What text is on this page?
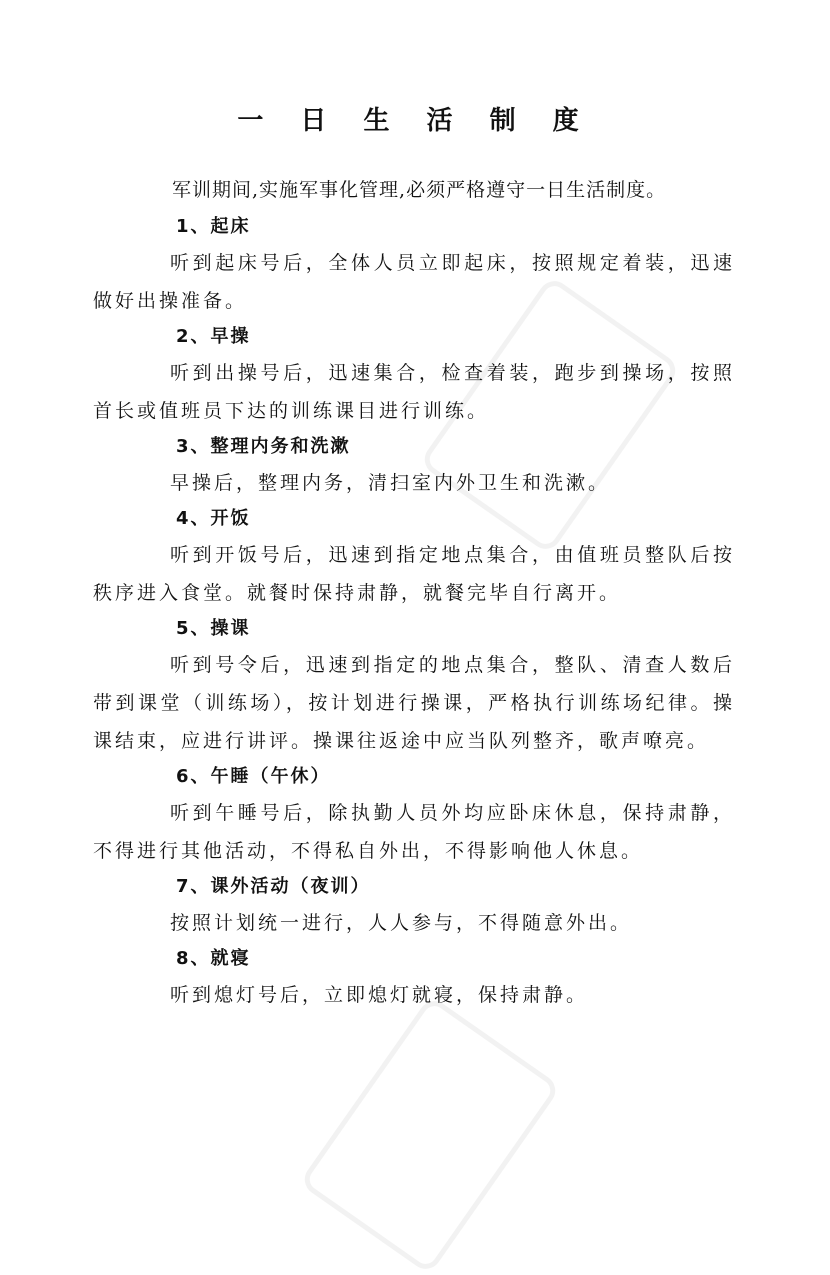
一 日 生 活 制 度

军训期间,实施军事化管理,必须严格遵守一日生活制度。

1、起床

听到起床号后，全体人员立即起床，按照规定着装，迅速做好出操准备。

2、早操

听到出操号后，迅速集合，检查着装，跑步到操场，按照首长或值班员下达的训练课目进行训练。

3、整理内务和洗漱

早操后，整理内务，清扫室内外卫生和洗漱。

4、开饭

听到开饭号后，迅速到指定地点集合，由值班员整队后按秩序进入食堂。就餐时保持肃静，就餐完毕自行离开。

5、操课

听到号令后，迅速到指定的地点集合，整队、清查人数后带到课堂（训练场），按计划进行操课，严格执行训练场纪律。操课结束，应进行讲评。操课往返途中应当队列整齐，歌声嘹亮。

6、午睡（午休）

听到午睡号后，除执勤人员外均应卧床休息，保持肃静，不得进行其他活动，不得私自外出，不得影响他人休息。

7、课外活动（夜训）

按照计划统一进行，人人参与，不得随意外出。

8、就寝

听到熄灯号后，立即熄灯就寝，保持肃静。
